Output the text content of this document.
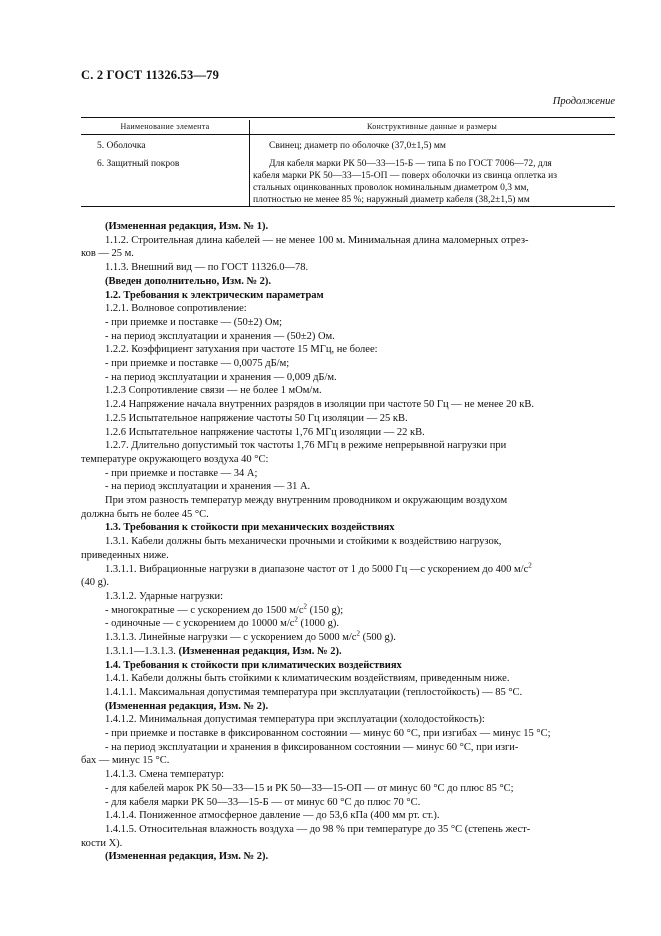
С. 2 ГОСТ 11326.53—79
Продолжение
Наименование элемента	Конструктивные данные и размеры
5. Оболочка	Свинец; диаметр по оболочке (37,0±1,5) мм
6. Защитный покров	Для кабеля марки РК 50—33—15-Б — типа Б по ГОСТ 7006—72, для
кабеля марки РК 50—33—15-ОП — поверх оболочки из свинца оплетка из
стальных оцинкованных проволок номинальным диаметром 0,3 мм,
плотностью не менее 85 %; наружный диаметр кабеля (38,2±1,5) мм
(Измененная редакция, Изм. № 1).
1.1.2. Строительная длина кабелей — не менее 100 м. Минимальная длина маломерных отрез-
ков — 25 м.
1.1.3. Внешний вид — по ГОСТ 11326.0—78.
(Введен дополнительно, Изм. № 2).
1.2. Требования к электрическим параметрам
1.2.1. Волновое сопротивление:
- при приемке и поставке — (50±2) Ом;
- на период эксплуатации и хранения — (50±2) Ом.
1.2.2. Коэффициент затухания при частоте 15 МГц, не более:
- при приемке и поставке — 0,0075 дБ/м;
- на период эксплуатации и хранения — 0,009 дБ/м.
1.2.3 Сопротивление связи — не более 1 мОм/м.
1.2.4 Напряжение начала внутренних разрядов в изоляции при частоте 50 Гц — не менее 20 кВ.
1.2.5 Испытательное напряжение частоты 50 Гц изоляции — 25 кВ.
1.2.6 Испытательное напряжение частоты 1,76 МГц изоляции — 22 кВ.
1.2.7. Длительно допустимый ток частоты 1,76 МГц в режиме непрерывной нагрузки при
температуре окружающего воздуха 40 °С:
- при приемке и поставке — 34 А;
- на период эксплуатации и хранения — 31 А.
При этом разность температур между внутренним проводником и окружающим воздухом
должна быть не более 45 °С.
1.3. Требования к стойкости при механических воздействиях
1.3.1. Кабели должны быть механически прочными и стойкими к воздействию нагрузок,
приведенных ниже.
1.3.1.1. Вибрационные нагрузки в диапазоне частот от 1 до 5000 Гц —с ускорением до 400 $м/с^2$
(40 g).
1.3.1.2. Ударные нагрузки:
- многократные — с ускорением до 1500 $м/с^2$ (150 g);
- одиночные — с ускорением до 10000 $м/с^2$ (1000 g).
1.3.1.3. Линейные нагрузки — с ускорением до 5000 $м/с^2$ (500 g).
1.3.1.1—1.3.1.3. (Измененная редакция, Изм. № 2).
1.4. Требования к стойкости при климатических воздействиях
1.4.1. Кабели должны быть стойкими к климатическим воздействиям, приведенным ниже.
1.4.1.1. Максимальная допустимая температура при эксплуатации (теплостойкость) — 85 °С.
(Измененная редакция, Изм. № 2).
1.4.1.2. Минимальная допустимая температура при эксплуатации (холодостойкость):
- при приемке и поставке в фиксированном состоянии — минус 60 °С, при изгибах — минус 15 °С;
- на период эксплуатации и хранения в фиксированном состоянии — минус 60 °С, при изги-
бах — минус 15 °С.
1.4.1.3. Смена температур:
- для кабелей марок РК 50—33—15 и РК 50—33—15-ОП — от минус 60 °С до плюс 85 °С;
- для кабеля марки РК 50—33—15-Б — от минус 60 °С до плюс 70 °С.
1.4.1.4. Пониженное атмосферное давление — до 53,6 кПа (400 мм рт. ст.).
1.4.1.5. Относительная влажность воздуха — до 98 % при температуре до 35 °С (степень жест-
кости Х).
(Измененная редакция, Изм. № 2).
